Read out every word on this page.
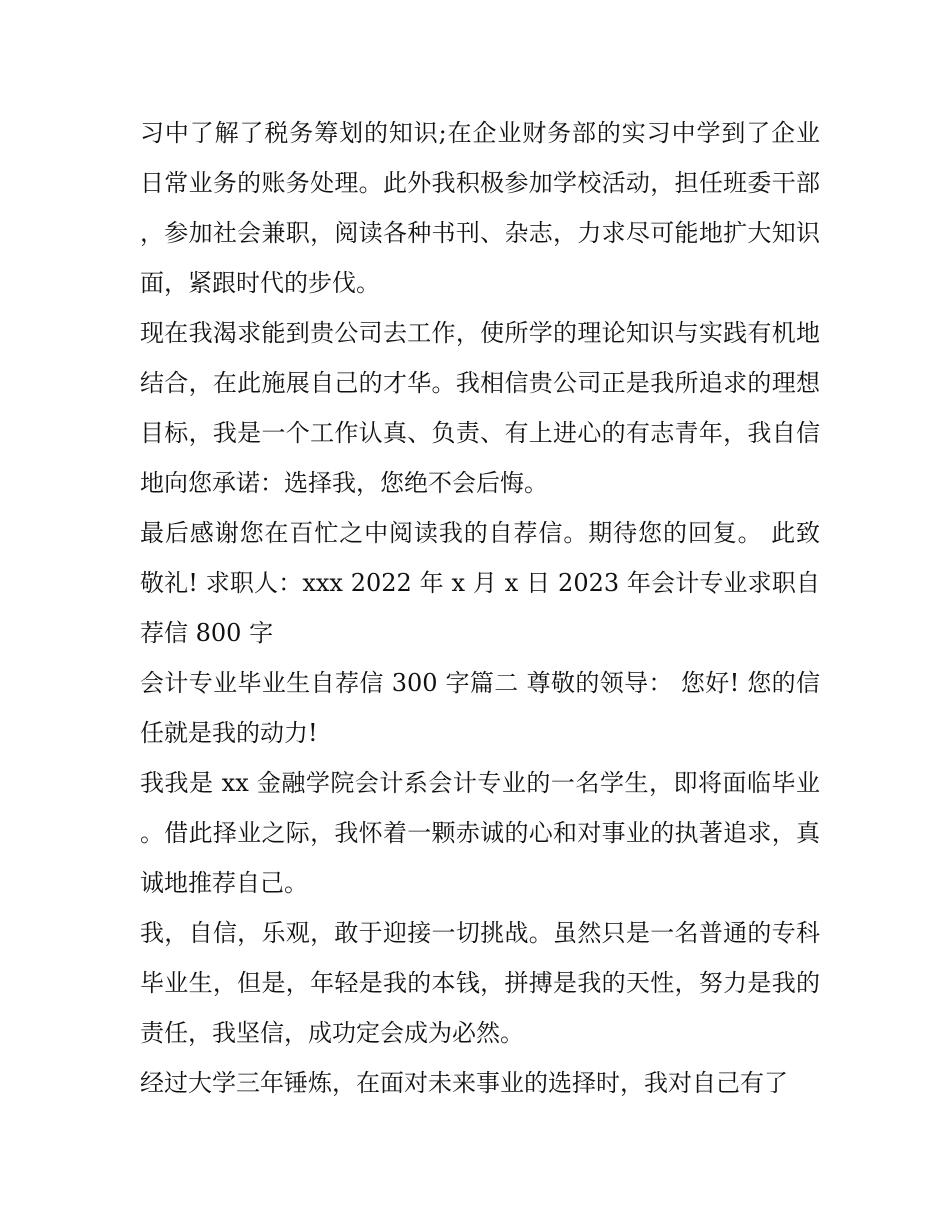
习中了解了税务筹划的知识;在企业财务部的实习中学到了企业日常业务的账务处理。此外我积极参加学校活动，担任班委干部，参加社会兼职，阅读各种书刊、杂志，力求尽可能地扩大知识面，紧跟时代的步伐。

现在我渴求能到贵公司去工作，使所学的理论知识与实践有机地结合，在此施展自己的才华。我相信贵公司正是我所追求的理想目标，我是一个工作认真、负责、有上进心的有志青年，我自信地向您承诺：选择我，您绝不会后悔。

最后感谢您在百忙之中阅读我的自荐信。期待您的回复。 此致 敬礼! 求职人：xxx 2022 年 x 月 x 日 2023 年会计专业求职自荐信 800 字

会计专业毕业生自荐信 300 字篇二 尊敬的领导： 您好! 您的信任就是我的动力!

我我是 xx 金融学院会计系会计专业的一名学生，即将面临毕业。借此择业之际，我怀着一颗赤诚的心和对事业的执著追求，真诚地推荐自己。

我，自信，乐观，敢于迎接一切挑战。虽然只是一名普通的专科毕业生，但是，年轻是我的本钱，拼搏是我的天性，努力是我的责任，我坚信，成功定会成为必然。

经过大学三年锤炼，在面对未来事业的选择时，我对自己有了
